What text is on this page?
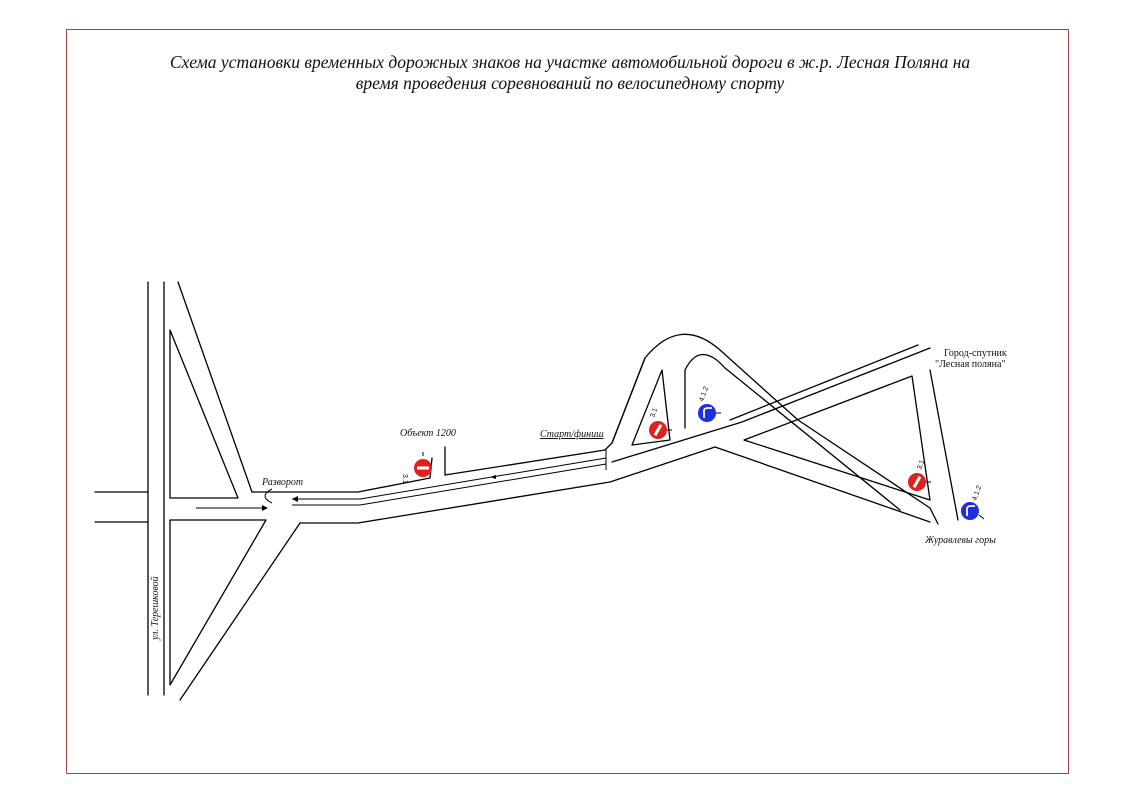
Схема установки временных дорожных знаков на участке автомобильной дороги в ж.р. Лесная Поляна на
время проведения соревнований по велосипедному спорту
Разворот
Объект 1200	Старт/финиш
Город-спутник
"Лесная поляна"
Журавлевы горы
ул. Терешковой
3.1
3.1
4.1.2
3.1
4.1.2
